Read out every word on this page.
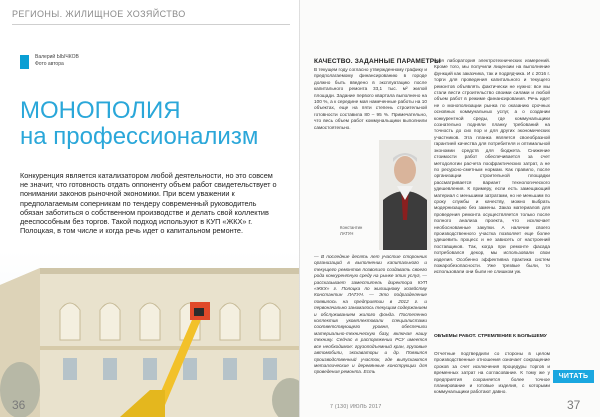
РЕГИОНЫ. ЖИЛИЩНОЕ ХОЗЯЙСТВО
Валерий ЫЫЧКОВ
Фото автора
МОНОПОЛИЯ
на профессионализм
Конкуренция является катализатором любой деятельности, но это совсем не значит, что готовность отдать оппоненту объем работ свидетельствует о понимании законов рыночной экономики. При всем уважении к предполагаемым соперникам по тендеру современный руководитель обязан заботиться о собственном производстве и делать свой коллектив дееспособным без торгов. Такой подход используют в КУП «ЖКХ» г. Полоцкая, в том числе и когда речь идет о капитальном ремонте.
36
КАЧЕСТВО. ЗАДАННЫЕ ПАРАМЕТРЫ
В текущем году согласно утвержденному графику и предполагаемому финансированию в городе должно быть введено в эксплуатацию после капитального ремонта 33,1 тыс. м² жилой площади. Задание первого квартала выполнено на 100 %, а к середине мая намеченные работы на 10 объектах, еще на пяти степень строительной готовности составила 80 – 95 %. Примечательно, что весь объем работ коммунальщики выполнили самостоятельно.
Константин ЛАТУН
— В последние десять лет участие сторонних организаций в выполнении капитального и текущего ремонтов позволило создавать своего рода конкурентную среду на рынке этих услуг, — рассказывает заместитель директора КУП «ЖКХ» г. Полоцка по жилищному хозяйству Константин ЛАТУН. — Это подразделение появилось на предприятии в 2012 г. и первоначально занималось текущим содержанием и обслуживанием жилого фонда. Постепенно коллектив укомплектовали специалистами соответствующего уровня, обеспечили материально-техническую базу, включая нашу технику. Сейчас в распоряжении РСУ имеется все необходимое: грузоподъемный кран, грузовые автомобили, экскаваторы и др. Появился производственный участок, где выпускаются металлические и деревянные конструкции для проведения ремонта. Есть
своя лаборатория электротехнических измерений. Кроме того, мы получили лицензии на выполнение функций как заказчика, так и подрядчика. И с 2016 г. торги для проведения капитального и текущего ремонтов объявлять фактически не нужно: все мы стали вести строительство своими силами и любой объем работ в режиме финансирования. Речь идет не о монополизации рынка по оказанию срочных основных коммунальных услуг, а о создании конкурентной среды, где коммунальщики сознательно подняли планку требований на точность до сих пор и для других экономических участников. Эта планка является своеобразной гарантией качества для потребителя и оптимальной экономии средств для бюджета. Снижение стоимости работ обеспечивается за счет методологии расчета поофрактических затрат, а не по ресурсно-сметным нормам. Как правило, после организации строительной площадки рассматривается вариант технологического удешевления. К примеру, если есть замещающий материал с меньшими затратами, но не меньшим по сроку службы и качеству, можно выбрать модернизацию без замены. Заказ материалов для проведения ремонта осуществляется только после полного анализа проекта, что исключает необоснованные закупки. А наличие своего производственного участка позволяет еще более удешевить процесс и не зависеть от настроений поставщиков. Так, когда при ремонте фасада потребовался декор, мы использовали свои изделия. Особенно эффективна практика систем пожаробезопасности. Уже трезвые были, то использовали они были не слишком уж.
ОБЪЕМЫ РАБОТ. СТРЕМЛЕНИЕ К БОЛЬШЕМУ
Отчетные подтвердили со стороны в целом производственные отношения означает сокращение сроков за счет исключения процедуры торгов и временных затрат на согласование. К тому же у предприятия сохраняется более точное планирование и готовые изделия, с которыми коммунальщики работают давно.
ЧИТАТЬ
7 (130) ИЮЛЬ 2017	37
